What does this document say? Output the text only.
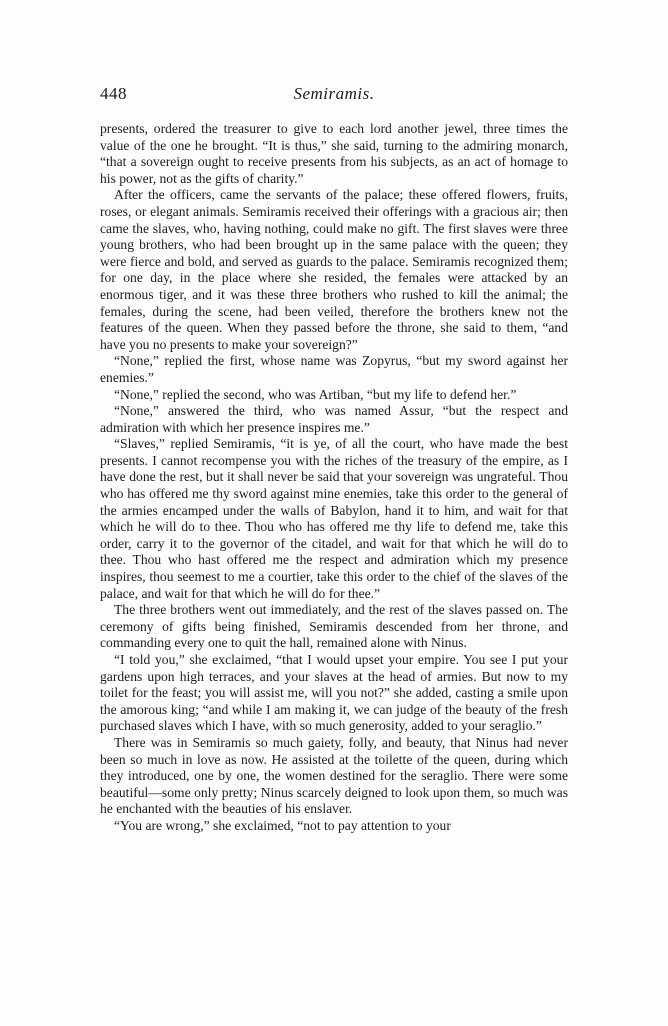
448	Semiramis.

presents, ordered the treasurer to give to each lord another jewel, three times the value of the one he brought. “It is thus,” she said, turning to the admiring monarch, “that a sovereign ought to receive presents from his subjects, as an act of homage to his power, not as the gifts of charity.”

After the officers, came the servants of the palace; these offered flowers, fruits, roses, or elegant animals. Semiramis received their offerings with a gracious air; then came the slaves, who, having nothing, could make no gift. The first slaves were three young brothers, who had been brought up in the same palace with the queen; they were fierce and bold, and served as guards to the palace. Semiramis recognized them; for one day, in the place where she resided, the females were attacked by an enormous tiger, and it was these three brothers who rushed to kill the animal; the females, during the scene, had been veiled, therefore the brothers knew not the features of the queen. When they passed before the throne, she said to them, “and have you no presents to make your sovereign?”

“None,” replied the first, whose name was Zopyrus, “but my sword against her enemies.”

“None,” replied the second, who was Artiban, “but my life to defend her.”

“None,” answered the third, who was named Assur, “but the respect and admiration with which her presence inspires me.”

“Slaves,” replied Semiramis, “it is ye, of all the court, who have made the best presents. I cannot recompense you with the riches of the treasury of the empire, as I have done the rest, but it shall never be said that your sovereign was ungrateful. Thou who has offered me thy sword against mine enemies, take this order to the general of the armies encamped under the walls of Babylon, hand it to him, and wait for that which he will do to thee. Thou who has offered me thy life to defend me, take this order, carry it to the governor of the citadel, and wait for that which he will do to thee. Thou who hast offered me the respect and admiration which my presence inspires, thou seemest to me a courtier, take this order to the chief of the slaves of the palace, and wait for that which he will do for thee.”

The three brothers went out immediately, and the rest of the slaves passed on. The ceremony of gifts being finished, Semiramis descended from her throne, and commanding every one to quit the hall, remained alone with Ninus.

“I told you,” she exclaimed, “that I would upset your empire. You see I put your gardens upon high terraces, and your slaves at the head of armies. But now to my toilet for the feast; you will assist me, will you not?” she added, casting a smile upon the amorous king; “and while I am making it, we can judge of the beauty of the fresh purchased slaves which I have, with so much generosity, added to your seraglio.”

There was in Semiramis so much gaiety, folly, and beauty, that Ninus had never been so much in love as now. He assisted at the toilette of the queen, during which they introduced, one by one, the women destined for the seraglio. There were some beautiful—some only pretty; Ninus scarcely deigned to look upon them, so much was he enchanted with the beauties of his enslaver.

“You are wrong,” she exclaimed, “not to pay attention to your
